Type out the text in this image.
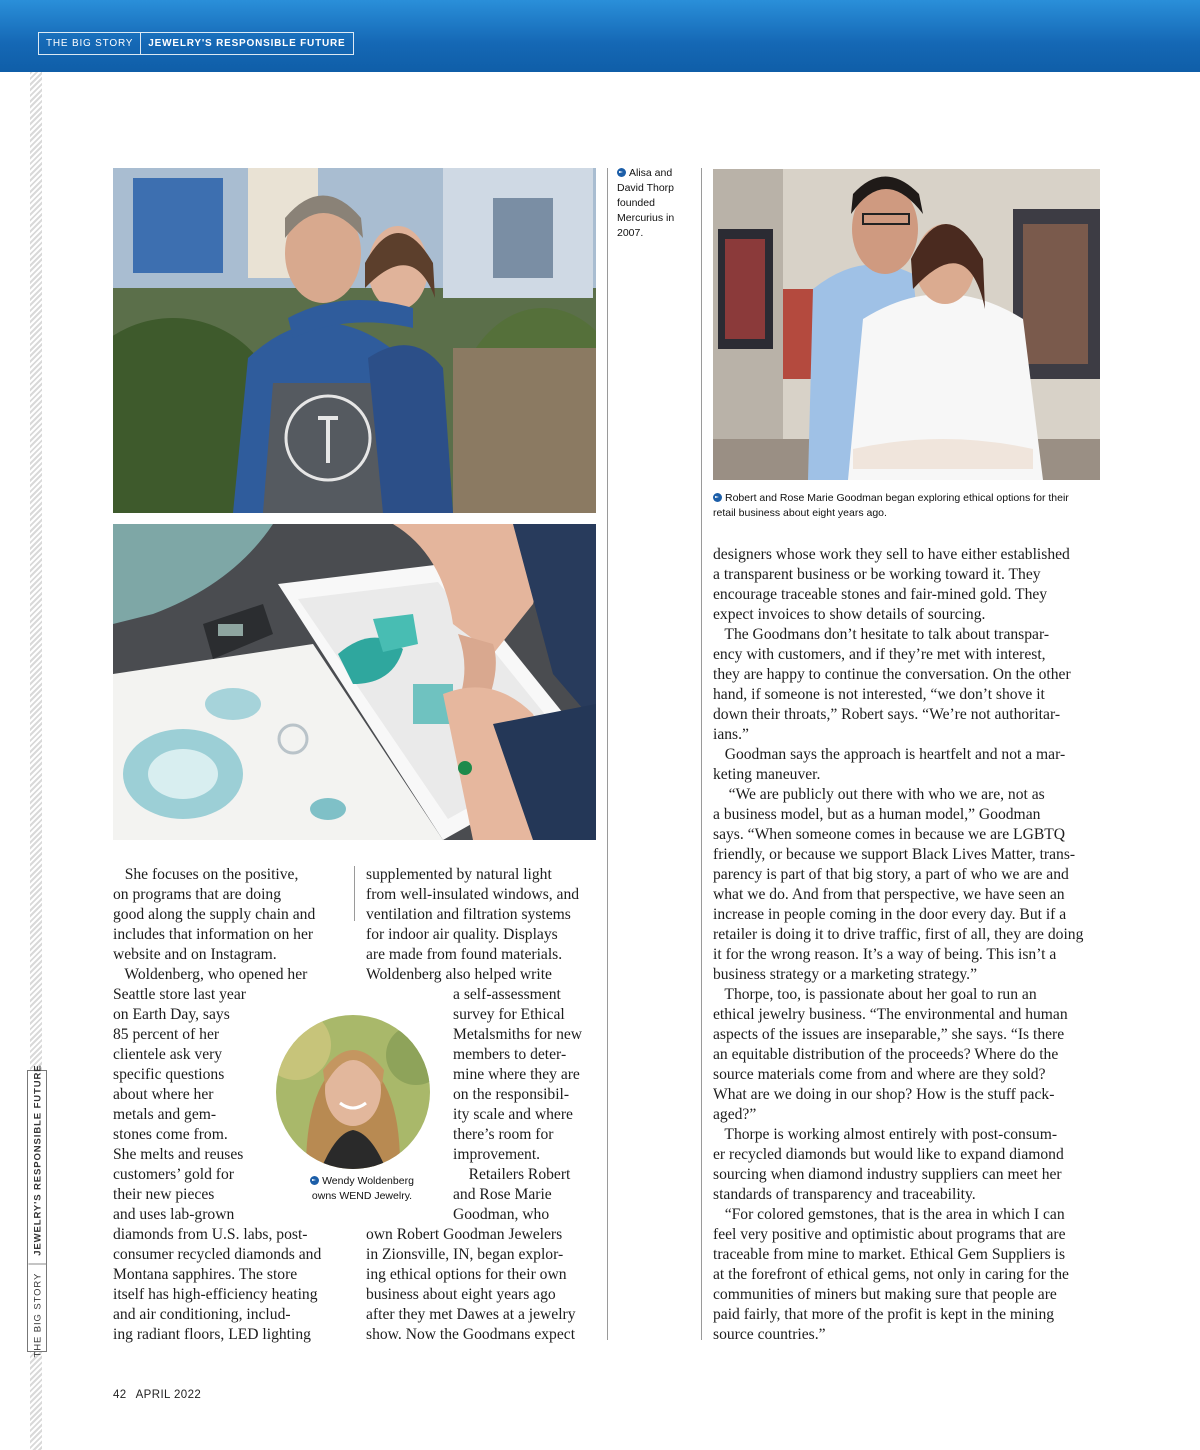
THE BIG STORY	JEWELRY'S RESPONSIBLE FUTURE
THE BIG STORY
JEWELRY'S RESPONSIBLE FUTURE
Alisa and
David Thorp
founded
Mercurius in
2007.
Robert and Rose Marie Goodman began exploring ethical options for their
retail business about eight years ago.
She focuses on the positive,
on programs that are doing
good along the supply chain and
includes that information on her
website and on Instagram.
Woldenberg, who opened her
Seattle store last year
on Earth Day, says
85 percent of her
clientele ask very
specific questions
about where her
metals and gem-
stones come from.
She melts and reuses
customers’ gold for
their new pieces
and uses lab-grown
diamonds from U.S. labs, post-
consumer recycled diamonds and
Montana sapphires. The store
itself has high-efficiency heating
and air conditioning, includ-
ing radiant floors, LED lighting
supplemented by natural light
from well-insulated windows, and
ventilation and filtration systems
for indoor air quality. Displays
are made from found materials.
Woldenberg also helped write
a self-assessment
survey for Ethical
Metalsmiths for new
members to deter-
mine where they are
on the responsibil-
ity scale and where
there’s room for
improvement.
Retailers Robert
and Rose Marie
Goodman, who
own Robert Goodman Jewelers
in Zionsville, IN, began explor-
ing ethical options for their own
business about eight years ago
after they met Dawes at a jewelry
show. Now the Goodmans expect
designers whose work they sell to have either established
a transparent business or be working toward it. They
encourage traceable stones and fair-mined gold. They
expect invoices to show details of sourcing.
The Goodmans don’t hesitate to talk about transpar-
ency with customers, and if they’re met with interest,
they are happy to continue the conversation. On the other
hand, if someone is not interested, “we don’t shove it
down their throats,” Robert says. “We’re not authoritar-
ians.”
Goodman says the approach is heartfelt and not a mar-
keting maneuver.
“We are publicly out there with who we are, not as
a business model, but as a human model,” Goodman
says. “When someone comes in because we are LGBTQ
friendly, or because we support Black Lives Matter, trans-
parency is part of that big story, a part of who we are and
what we do. And from that perspective, we have seen an
increase in people coming in the door every day. But if a
retailer is doing it to drive traffic, first of all, they are doing
it for the wrong reason. It’s a way of being. This isn’t a
business strategy or a marketing strategy.”
Thorpe, too, is passionate about her goal to run an
ethical jewelry business. “The environmental and human
aspects of the issues are inseparable,” she says. “Is there
an equitable distribution of the proceeds? Where do the
source materials come from and where are they sold?
What are we doing in our shop? How is the stuff pack-
aged?”
Thorpe is working almost entirely with post-consum-
er recycled diamonds but would like to expand diamond
sourcing when diamond industry suppliers can meet her
standards of transparency and traceability.
“For colored gemstones, that is the area in which I can
feel very positive and optimistic about programs that are
traceable from mine to market. Ethical Gem Suppliers is
at the forefront of ethical gems, not only in caring for the
communities of miners but making sure that people are
paid fairly, that more of the profit is kept in the mining
source countries.”
Wendy Woldenberg
owns WEND Jewelry.
42 APRIL 2022
